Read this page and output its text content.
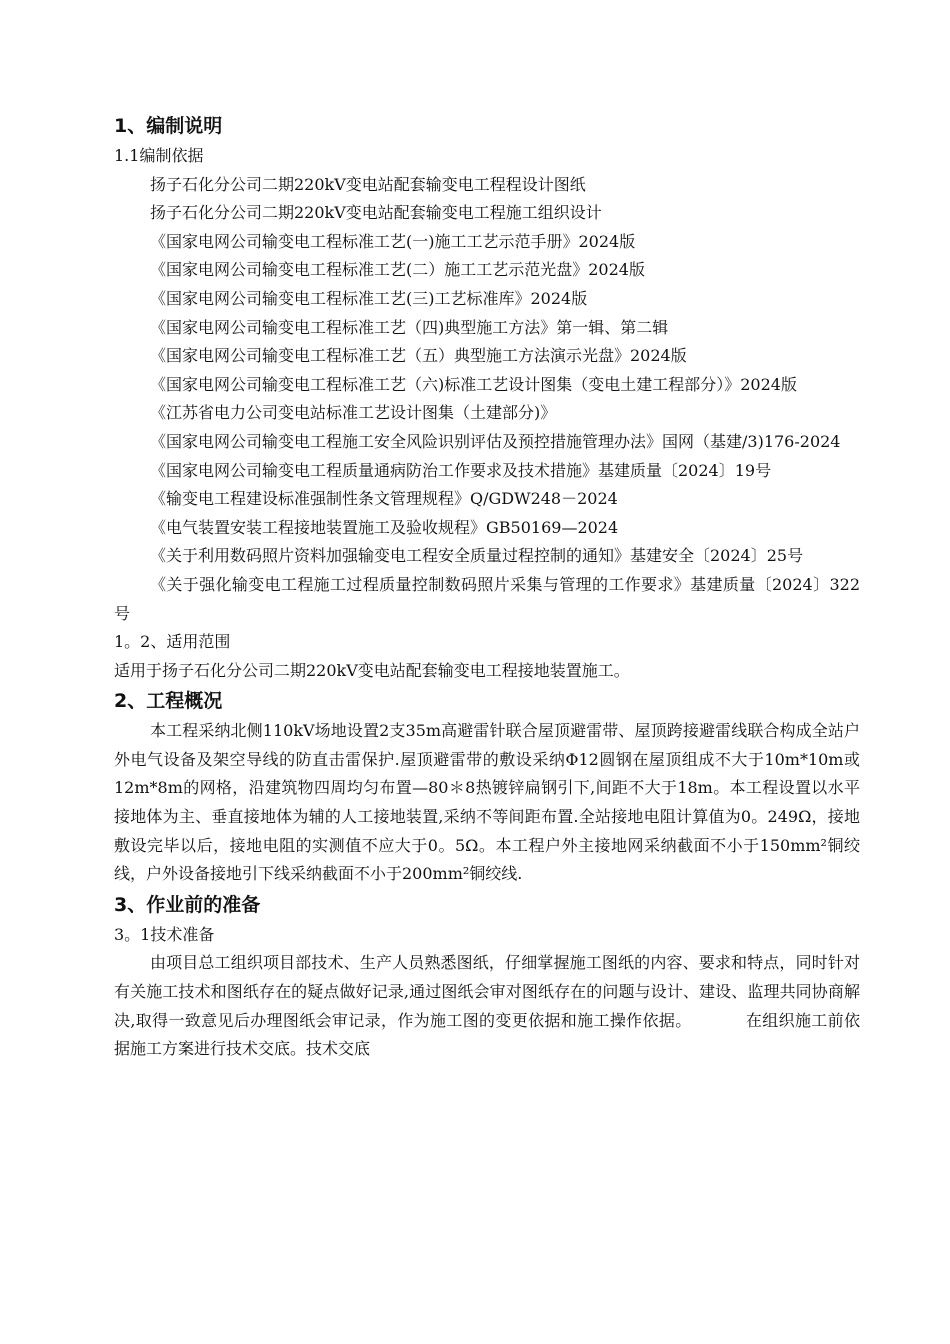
1、编制说明

1.1编制依据

扬子石化分公司二期220kV变电站配套输变电工程程设计图纸

扬子石化分公司二期220kV变电站配套输变电工程施工组织设计

《国家电网公司输变电工程标准工艺(一)施工工艺示范手册》2024版

《国家电网公司输变电工程标准工艺(二）施工工艺示范光盘》2024版

《国家电网公司输变电工程标准工艺(三)工艺标准库》2024版

《国家电网公司输变电工程标准工艺（四)典型施工方法》第一辑、第二辑

《国家电网公司输变电工程标准工艺（五）典型施工方法演示光盘》2024版

《国家电网公司输变电工程标准工艺（六)标准工艺设计图集（变电土建工程部分）》2024版

《江苏省电力公司变电站标准工艺设计图集（土建部分)》

《国家电网公司输变电工程施工安全风险识别评估及预控措施管理办法》国网（基建/3)176-2024

《国家电网公司输变电工程质量通病防治工作要求及技术措施》基建质量〔2024〕19号

《输变电工程建设标准强制性条文管理规程》Q/GDW248－2024

《电气装置安装工程接地装置施工及验收规程》GB50169—2024

《关于利用数码照片资料加强输变电工程安全质量过程控制的通知》基建安全〔2024〕25号

《关于强化输变电工程施工过程质量控制数码照片采集与管理的工作要求》基建质量〔2024〕322号

1。2、适用范围

适用于扬子石化分公司二期220kV变电站配套输变电工程接地装置施工。

2、工程概况

本工程采纳北侧110kV场地设置2支35m高避雷针联合屋顶避雷带、屋顶跨接避雷线联合构成全站户外电气设备及架空导线的防直击雷保护.屋顶避雷带的敷设采纳Φ12圆钢在屋顶组成不大于10m*10m或12m*8m的网格，沿建筑物四周均匀布置—80＊8热镀锌扁钢引下,间距不大于18m。本工程设置以水平接地体为主、垂直接地体为辅的人工接地装置,采纳不等间距布置.全站接地电阻计算值为0。249Ω，接地敷设完毕以后，接地电阻的实测值不应大于0。5Ω。本工程户外主接地网采纳截面不小于150mm²铜绞线，户外设备接地引下线采纳截面不小于200mm²铜绞线.

3、作业前的准备

3。1技术准备

由项目总工组织项目部技术、生产人员熟悉图纸，仔细掌握施工图纸的内容、要求和特点，同时针对有关施工技术和图纸存在的疑点做好记录,通过图纸会审对图纸存在的问题与设计、建设、监理共同协商解决,取得一致意见后办理图纸会审记录，作为施工图的变更依据和施工操作依据。	在组织施工前依据施工方案进行技术交底。技术交底
